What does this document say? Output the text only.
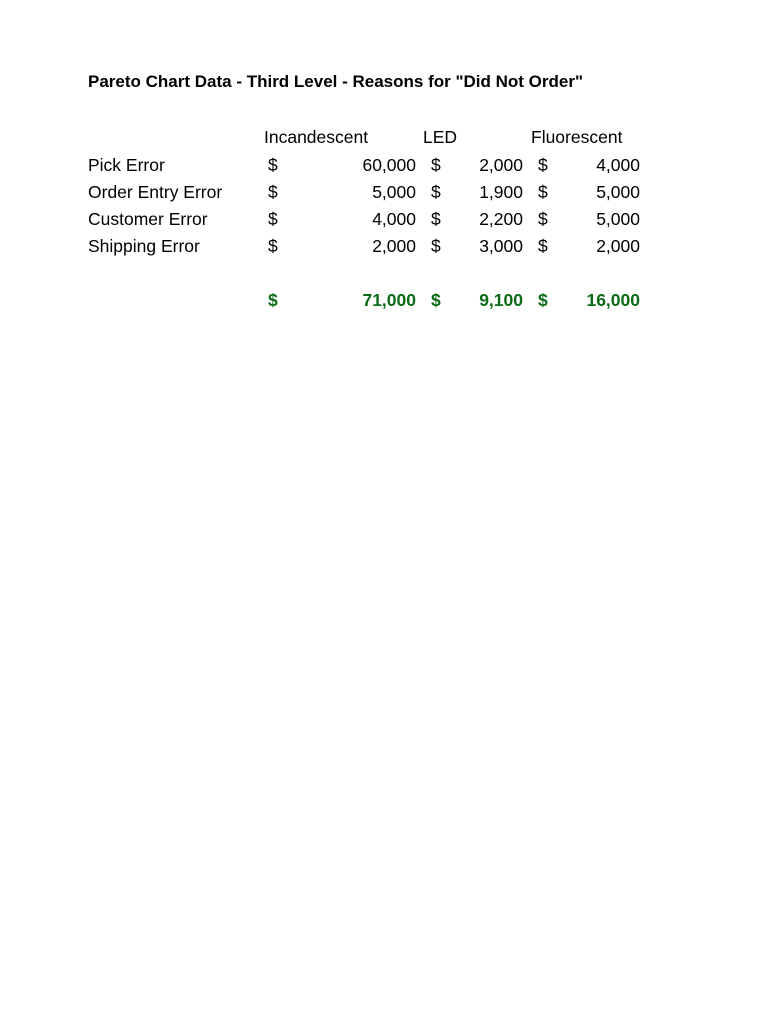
Pareto Chart Data - Third Level - Reasons for "Did Not Order"
Incandescent	LED	Fluorescent
Pick Error	$	60,000 $	2,000 $	4,000
Order Entry Error	$	5,000 $	1,900 $	5,000
Customer Error	$	4,000 $	2,200 $	5,000
Shipping Error	$	2,000 $	3,000 $	2,000
$	71,000 $	9,100 $	16,000
